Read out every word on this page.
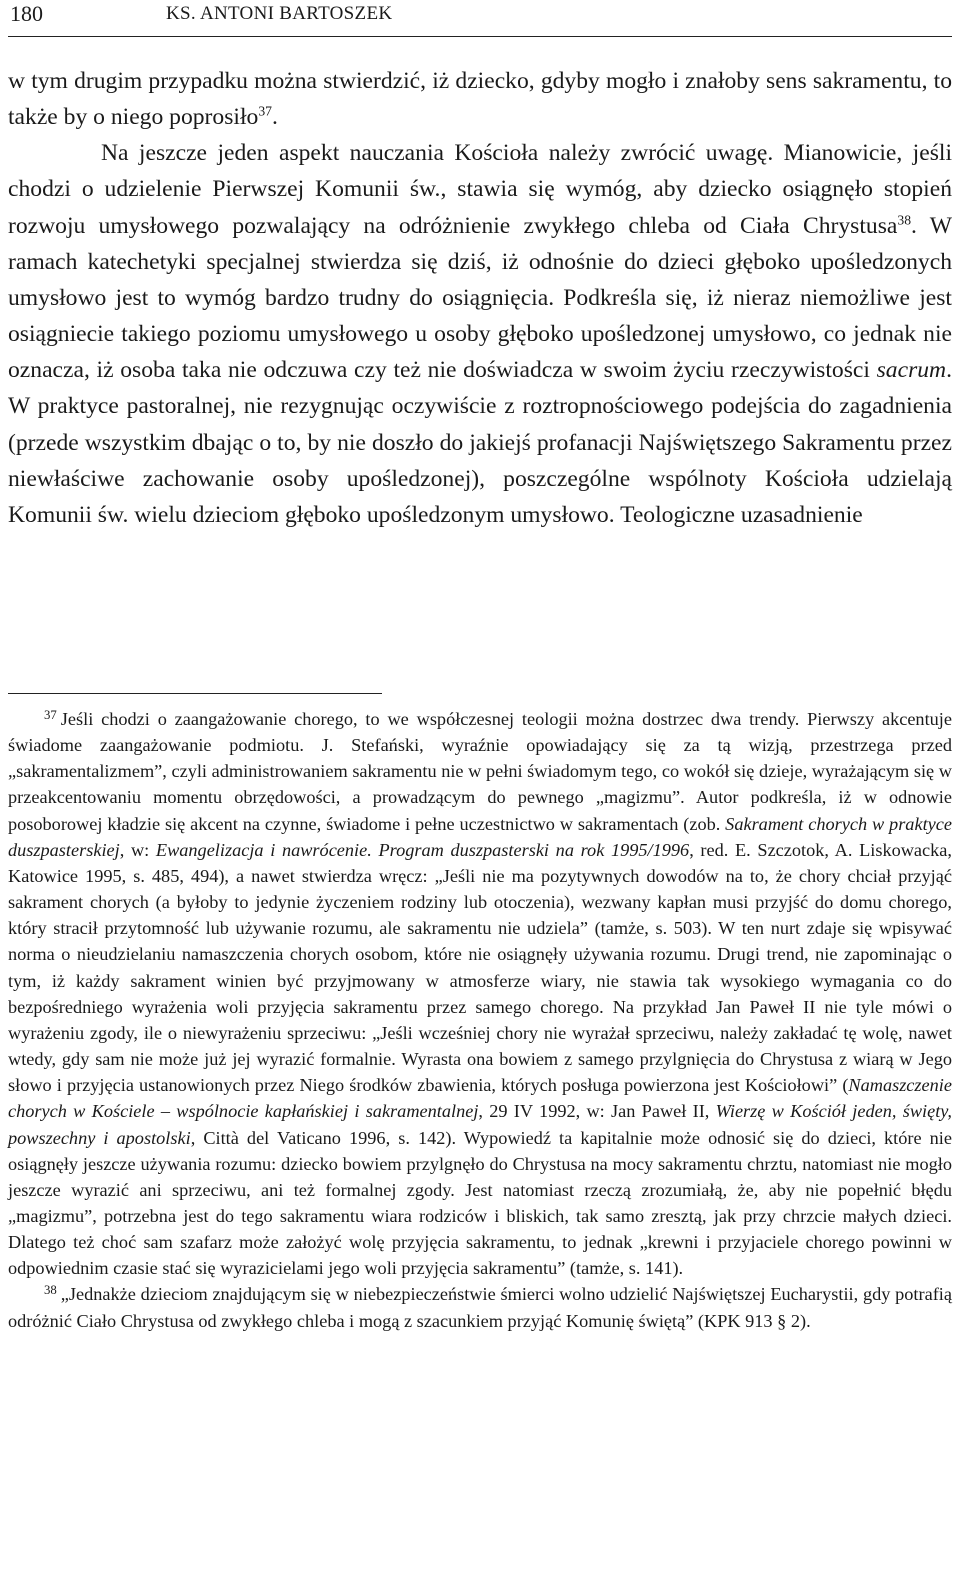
180	KS. ANTONI BARTOSZEK

w tym drugim przypadku można stwierdzić, iż dziecko, gdyby mogło i znałoby sens sakramentu, to także by o niego poprosiło$^{37}$.

Na jeszcze jeden aspekt nauczania Kościoła należy zwrócić uwagę. Mianowicie, jeśli chodzi o udzielenie Pierwszej Komunii św., stawia się wymóg, aby dziecko osiągnęło stopień rozwoju umysłowego pozwalający na odróżnienie zwykłego chleba od Ciała Chrystusa$^{38}$. W ramach katechetyki specjalnej stwierdza się dziś, iż odnośnie do dzieci głęboko upośledzonych umysłowo jest to wymóg bardzo trudny do osiągnięcia. Podkreśla się, iż nieraz niemożliwe jest osiągniecie takiego poziomu umysłowego u osoby głęboko upośledzonej umysłowo, co jednak nie oznacza, iż osoba taka nie odczuwa czy też nie doświadcza w swoim życiu rzeczywistości sacrum. W praktyce pastoralnej, nie rezygnując oczywiście z roztropnościowego podejścia do zagadnienia (przede wszystkim dbając o to, by nie doszło do jakiejś profanacji Najświętszego Sakramentu przez niewłaściwe zachowanie osoby upośledzonej), poszczególne wspólnoty Kościoła udzielają Komunii św. wielu dzieciom głęboko upośledzonym umysłowo. Teologiczne uzasadnienie

$^{37}$ Jeśli chodzi o zaangażowanie chorego, to we współczesnej teologii można dostrzec dwa trendy. Pierwszy akcentuje świadome zaangażowanie podmiotu. J. Stefański, wyraźnie opowiadający się za tą wizją, przestrzega przed „sakramentalizmem”, czyli administrowaniem sakramentu nie w pełni świadomym tego, co wokół się dzieje, wyrażającym się w przeakcentowaniu momentu obrzędowości, a prowadzącym do pewnego „magizmu”. Autor podkreśla, iż w odnowie posoborowej kładzie się akcent na czynne, świadome i pełne uczestnictwo w sakramentach (zob. Sakrament chorych w praktyce duszpasterskiej, w: Ewangelizacja i nawrócenie. Program duszpasterski na rok 1995/1996, red. E. Szczotok, A. Liskowacka, Katowice 1995, s. 485, 494), a nawet stwierdza wręcz: „Jeśli nie ma pozytywnych dowodów na to, że chory chciał przyjąć sakrament chorych (a byłoby to jedynie życzeniem rodziny lub otoczenia), wezwany kapłan musi przyjść do domu chorego, który stracił przytomność lub używanie rozumu, ale sakramentu nie udziela” (tamże, s. 503). W ten nurt zdaje się wpisywać norma o nieudzielaniu namaszczenia chorych osobom, które nie osiągnęły używania rozumu. Drugi trend, nie zapominając o tym, iż każdy sakrament winien być przyjmowany w atmosferze wiary, nie stawia tak wysokiego wymagania co do bezpośredniego wyrażenia woli przyjęcia sakramentu przez samego chorego. Na przykład Jan Paweł II nie tyle mówi o wyrażeniu zgody, ile o niewyrażeniu sprzeciwu: „Jeśli wcześniej chory nie wyrażał sprzeciwu, należy zakładać tę wolę, nawet wtedy, gdy sam nie może już jej wyrazić formalnie. Wyrasta ona bowiem z samego przylgnięcia do Chrystusa z wiarą w Jego słowo i przyjęcia ustanowionych przez Niego środków zbawienia, których posługa powierzona jest Kościołowi” (Namaszczenie chorych w Kościele – wspólnocie kapłańskiej i sakramentalnej, 29 IV 1992, w: Jan Paweł II, Wierzę w Kościół jeden, święty, powszechny i apostolski, Città del Vaticano 1996, s. 142). Wypowiedź ta kapitalnie może odnosić się do dzieci, które nie osiągnęły jeszcze używania rozumu: dziecko bowiem przylgnęło do Chrystusa na mocy sakramentu chrztu, natomiast nie mogło jeszcze wyrazić ani sprzeciwu, ani też formalnej zgody. Jest natomiast rzeczą zrozumiałą, że, aby nie popełnić błędu „magizmu”, potrzebna jest do tego sakramentu wiara rodziców i bliskich, tak samo zresztą, jak przy chrzcie małych dzieci. Dlatego też choć sam szafarz może założyć wolę przyjęcia sakramentu, to jednak „krewni i przyjaciele chorego powinni w odpowiednim czasie stać się wyrazicielami jego woli przyjęcia sakramentu” (tamże, s. 141).

$^{38}$ „Jednakże dzieciom znajdującym się w niebezpieczeństwie śmierci wolno udzielić Najświętszej Eucharystii, gdy potrafią odróżnić Ciało Chrystusa od zwykłego chleba i mogą z szacunkiem przyjąć Komunię świętą” (KPK 913 § 2).
